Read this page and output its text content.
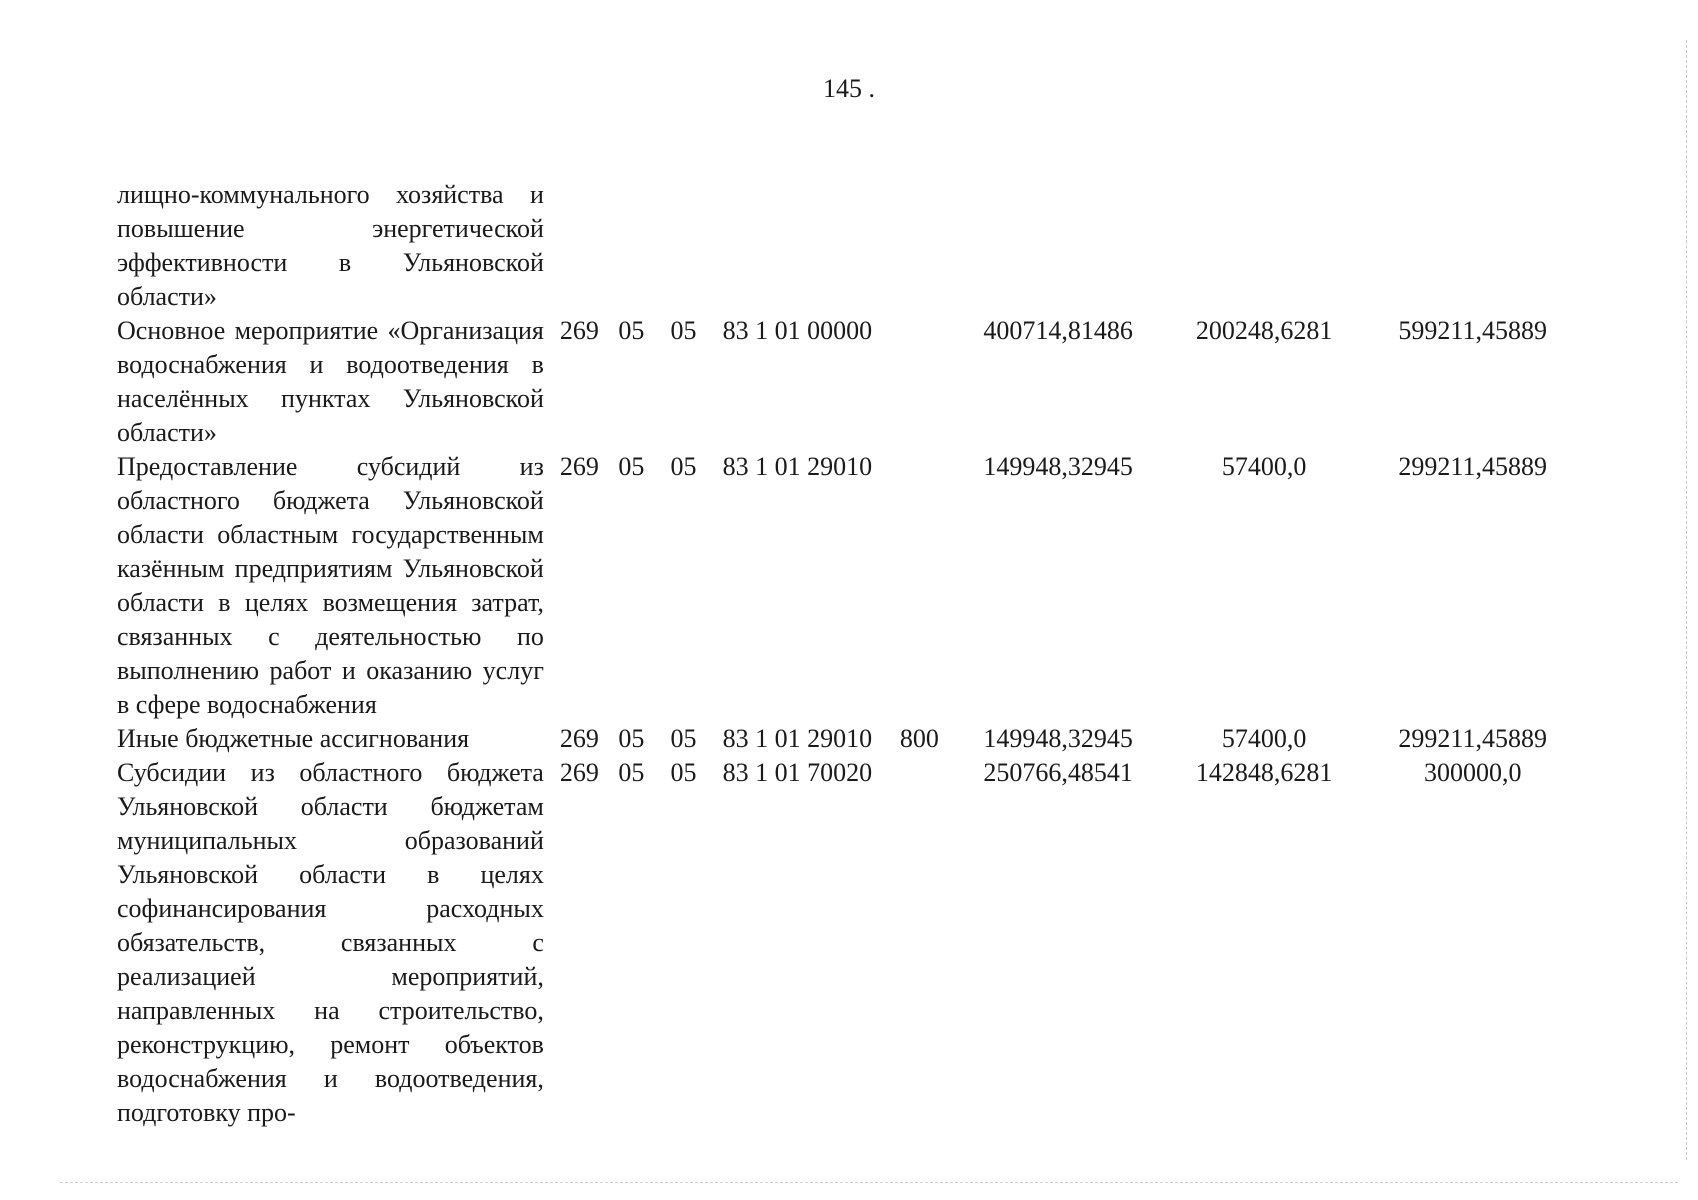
145 .
лищно-коммунального хозяйства и повышение энергетической эффективности в Ульяновской области»								
Основное мероприятие «Организация водоснабжения и водоотведения в населённых пунктах Ульяновской области»	269	05	05	83 1 01 00000		400714,81486	200248,6281	599211,45889
Предоставление субсидий из областного бюджета Ульяновской области областным государственным казённым предприятиям Ульяновской области в целях возмещения затрат, связанных с деятельностью по выполнению работ и оказанию услуг в сфере водоснабжения	269	05	05	83 1 01 29010		149948,32945	57400,0	299211,45889
Иные бюджетные ассигнования	269	05	05	83 1 01 29010	800	149948,32945	57400,0	299211,45889
Субсидии из областного бюджета Ульяновской области бюджетам муниципальных образований Ульяновской области в целях софинансирования расходных обязательств, связанных с реализацией мероприятий, направленных на строительство, реконструкцию, ремонт объектов водоснабжения и водоотведения, подготовку про-	269	05	05	83 1 01 70020		250766,48541	142848,6281	300000,0
